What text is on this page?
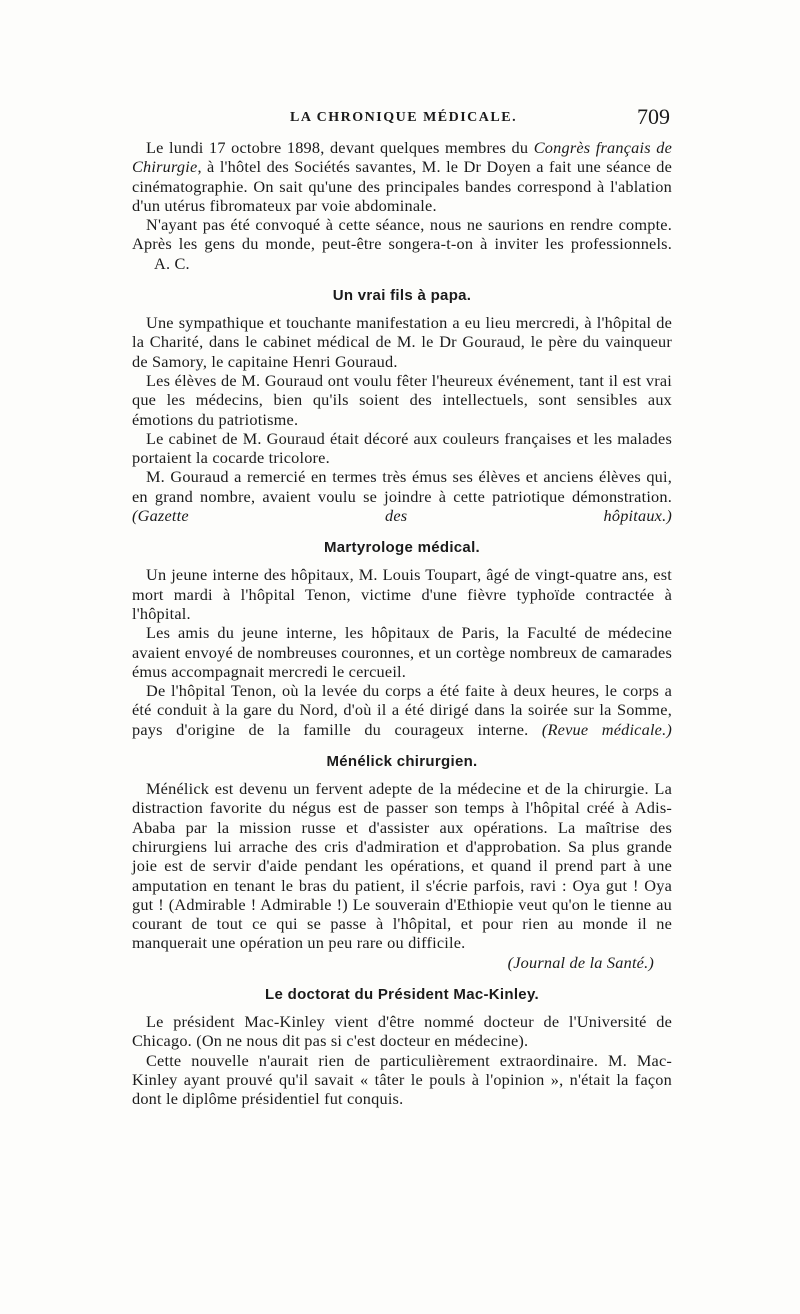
LA CHRONIQUE MÉDICALE.	709

Le lundi 17 octobre 1898, devant quelques membres du Congrès français de Chirurgie, à l'hôtel des Sociétés savantes, M. le Dr Doyen a fait une séance de cinématographie. On sait qu'une des principales bandes correspond à l'ablation d'un utérus fibromateux par voie abdominale.

N'ayant pas été convoqué à cette séance, nous ne saurions en rendre compte. Après les gens du monde, peut-être songera-t-on à inviter les professionnels.A. C.

Un vrai fils à papa.

Une sympathique et touchante manifestation a eu lieu mercredi, à l'hôpital de la Charité, dans le cabinet médical de M. le Dr Gouraud, le père du vainqueur de Samory, le capitaine Henri Gouraud.

Les élèves de M. Gouraud ont voulu fêter l'heureux événement, tant il est vrai que les médecins, bien qu'ils soient des intellectuels, sont sensibles aux émotions du patriotisme.

Le cabinet de M. Gouraud était décoré aux couleurs françaises et les malades portaient la cocarde tricolore.

M. Gouraud a remercié en termes très émus ses élèves et anciens élèves qui, en grand nombre, avaient voulu se joindre à cette patriotique démonstration. (Gazette des hôpitaux.)

Martyrologe médical.

Un jeune interne des hôpitaux, M. Louis Toupart, âgé de vingt-quatre ans, est mort mardi à l'hôpital Tenon, victime d'une fièvre typhoïde contractée à l'hôpital.

Les amis du jeune interne, les hôpitaux de Paris, la Faculté de médecine avaient envoyé de nombreuses couronnes, et un cortège nombreux de camarades émus accompagnait mercredi le cercueil.

De l'hôpital Tenon, où la levée du corps a été faite à deux heures, le corps a été conduit à la gare du Nord, d'où il a été dirigé dans la soirée sur la Somme, pays d'origine de la famille du courageux interne. (Revue médicale.)

Ménélick chirurgien.

Ménélick est devenu un fervent adepte de la médecine et de la chirurgie. La distraction favorite du négus est de passer son temps à l'hôpital créé à Adis-Ababa par la mission russe et d'assister aux opérations. La maîtrise des chirurgiens lui arrache des cris d'admiration et d'approbation. Sa plus grande joie est de servir d'aide pendant les opérations, et quand il prend part à une amputation en tenant le bras du patient, il s'écrie parfois, ravi : Oya gut ! Oya gut ! (Admirable ! Admirable !) Le souverain d'Ethiopie veut qu'on le tienne au courant de tout ce qui se passe à l'hôpital, et pour rien au monde il ne manquerait une opération un peu rare ou difficile.

(Journal de la Santé.)

Le doctorat du Président Mac-Kinley.

Le président Mac-Kinley vient d'être nommé docteur de l'Université de Chicago. (On ne nous dit pas si c'est docteur en médecine).

Cette nouvelle n'aurait rien de particulièrement extraordinaire. M. Mac-Kinley ayant prouvé qu'il savait « tâter le pouls à l'opinion », n'était la façon dont le diplôme présidentiel fut conquis.
